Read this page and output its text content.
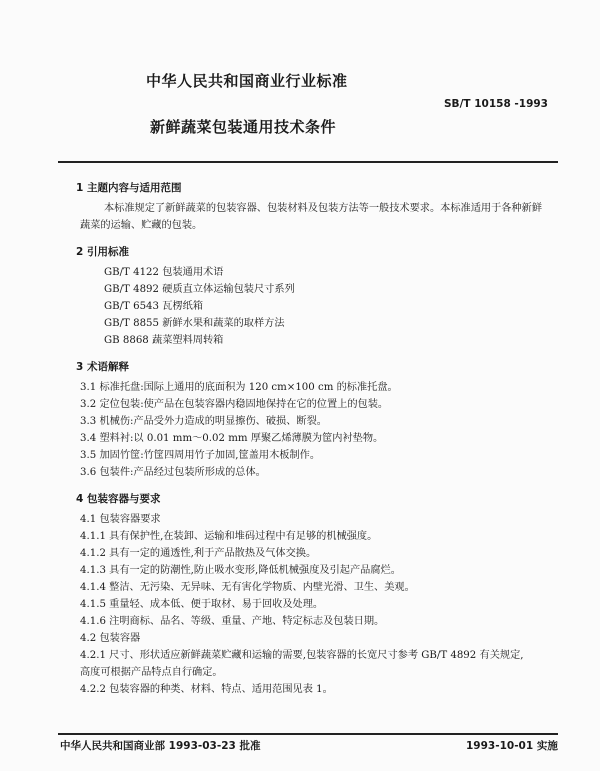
中华人民共和国商业行业标准
SB/T 10158 -1993
新鲜蔬菜包装通用技术条件
1 主题内容与适用范围
本标准规定了新鲜蔬菜的包装容器、包装材料及包装方法等一般技术要求。本标准适用于各种新鲜
蔬菜的运输、贮藏的包装。
2 引用标准
GB/T 4122 包装通用术语
GB/T 4892 硬质直立体运输包装尺寸系列
GB/T 6543 瓦楞纸箱
GB/T 8855 新鲜水果和蔬菜的取样方法
GB 8868 蔬菜塑料周转箱
3 术语解释
3.1 标准托盘:国际上通用的底面积为 120 cm×100 cm 的标准托盘。
3.2 定位包装:使产品在包装容器内稳固地保持在它的位置上的包装。
3.3 机械伤:产品受外力造成的明显擦伤、破损、断裂。
3.4 塑料衬:以 0.01 mm～0.02 mm 厚聚乙烯薄膜为筐内衬垫物。
3.5 加固竹筐:竹筐四周用竹子加固,筐盖用木板制作。
3.6 包装件:产品经过包装所形成的总体。
4 包装容器与要求
4.1 包装容器要求
4.1.1 具有保护性,在装卸、运输和堆码过程中有足够的机械强度。
4.1.2 具有一定的通透性,利于产品散热及气体交换。
4.1.3 具有一定的防潮性,防止吸水变形,降低机械强度及引起产品腐烂。
4.1.4 整洁、无污染、无异味、无有害化学物质、内壁光滑、卫生、美观。
4.1.5 重量轻、成本低、便于取材、易于回收及处理。
4.1.6 注明商标、品名、等级、重量、产地、特定标志及包装日期。
4.2 包装容器
4.2.1 尺寸、形状适应新鲜蔬菜贮藏和运输的需要,包装容器的长宽尺寸参考 GB/T 4892 有关规定,
高度可根据产品特点自行确定。
4.2.2 包装容器的种类、材料、特点、适用范围见表 1。
中华人民共和国商业部 1993-03-23 批准	1993-10-01 实施
